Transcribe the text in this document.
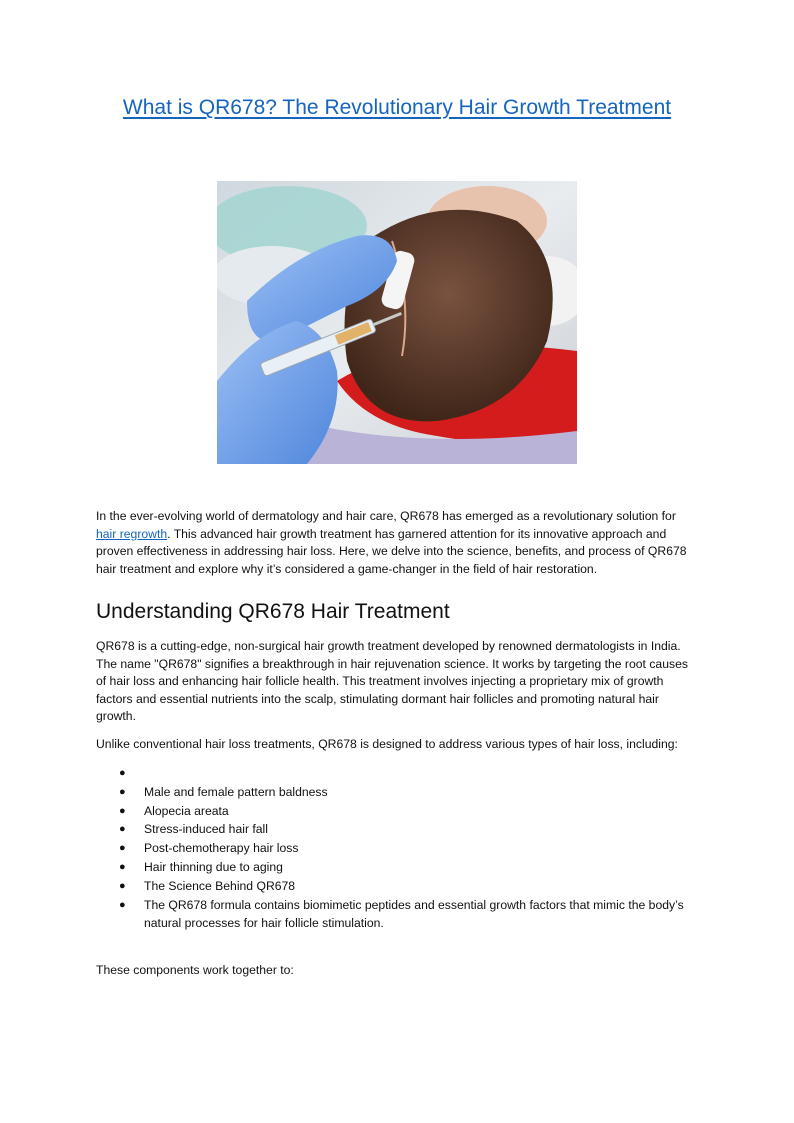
What is QR678? The Revolutionary Hair Growth Treatment

In the ever-evolving world of dermatology and hair care, QR678 has emerged as a revolutionary solution for hair regrowth. This advanced hair growth treatment has garnered attention for its innovative approach and proven effectiveness in addressing hair loss. Here, we delve into the science, benefits, and process of QR678 hair treatment and explore why it’s considered a game-changer in the field of hair restoration.

Understanding QR678 Hair Treatment

QR678 is a cutting-edge, non-surgical hair growth treatment developed by renowned dermatologists in India. The name "QR678" signifies a breakthrough in hair rejuvenation science. It works by targeting the root causes of hair loss and enhancing hair follicle health. This treatment involves injecting a proprietary mix of growth factors and essential nutrients into the scalp, stimulating dormant hair follicles and promoting natural hair growth.

Unlike conventional hair loss treatments, QR678 is designed to address various types of hair loss, including:

●
● Male and female pattern baldness
● Alopecia areata
● Stress-induced hair fall
● Post-chemotherapy hair loss
● Hair thinning due to aging
● The Science Behind QR678
● The QR678 formula contains biomimetic peptides and essential growth factors that mimic the body’s natural processes for hair follicle stimulation.

These components work together to:
